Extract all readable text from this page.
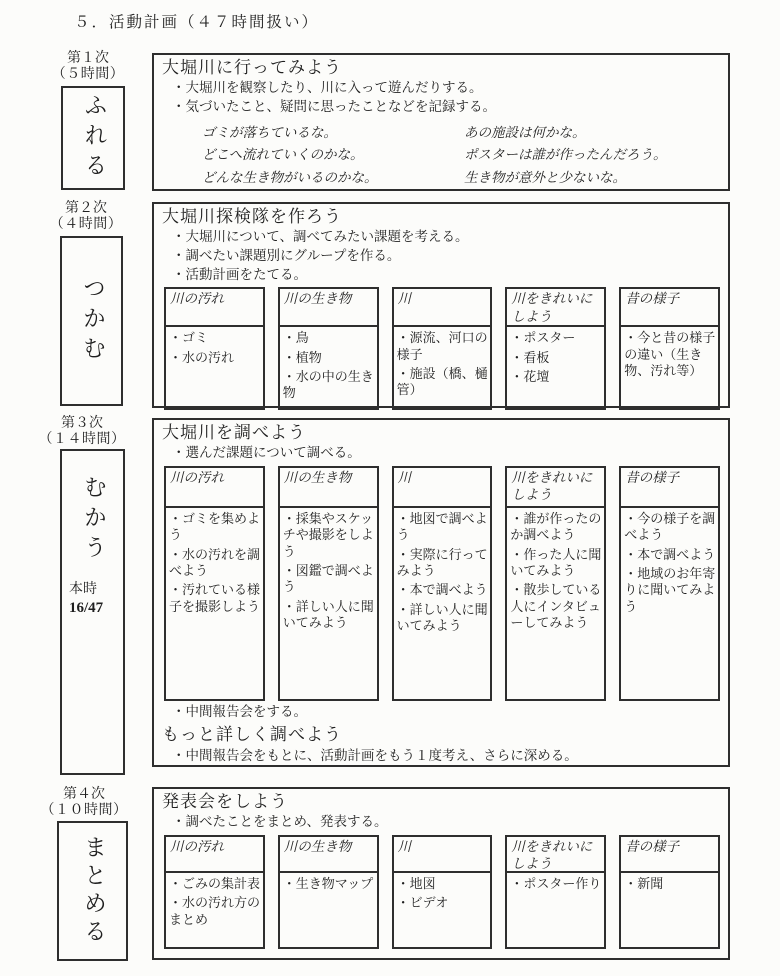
５．活動計画（４７時間扱い）
第１次
（５時間）
ふれる
大堀川に行ってみよう
・大堀川を観察したり、川に入って遊んだりする。
・気づいたこと、疑問に思ったことなどを記録する。
ゴミが落ちているな。	あの施設は何かな。
どこへ流れていくのかな。	ポスターは誰が作ったんだろう。
どんな生き物がいるのかな。	生き物が意外と少ないな。
第２次
（４時間）
つかむ
大堀川探検隊を作ろう
・大堀川について、調べてみたい課題を考える。
・調べたい課題別にグループを作る。
・活動計画をたてる。
川の汚れ
・ゴミ
・水の汚れ
川の生き物
・鳥
・植物
・水の中の生き物
川
・源流、河口の様子
・施設（橋、樋管）
川をきれいにしよう
・ポスター
・看板
・花壇
昔の様子
・今と昔の様子の違い（生き物、汚れ等）
第３次
（１４時間）
むかう
本時
16/47
大堀川を調べよう
・選んだ課題について調べる。
川の汚れ
・ゴミを集めよう
・水の汚れを調べよう
・汚れている様子を撮影しよう
川の生き物
・採集やスケッチや撮影をしよう
・図鑑で調べよう
・詳しい人に聞いてみよう
川
・地図で調べよう
・実際に行ってみよう
・本で調べよう
・詳しい人に聞いてみよう
川をきれいにしよう
・誰が作ったのか調べよう
・作った人に聞いてみよう
・散歩している人にインタビューしてみよう
昔の様子
・今の様子を調べよう
・本で調べよう
・地域のお年寄りに聞いてみよう
・中間報告会をする。
もっと詳しく調べよう
・中間報告会をもとに、活動計画をもう１度考え、さらに深める。
第４次
（１０時間）
まとめる
発表会をしよう
・調べたことをまとめ、発表する。
川の汚れ
・ごみの集計表
・水の汚れ方のまとめ
川の生き物
・生き物マップ
川
・地図
・ビデオ
川をきれいにしよう
・ポスター作り
昔の様子
・新聞
